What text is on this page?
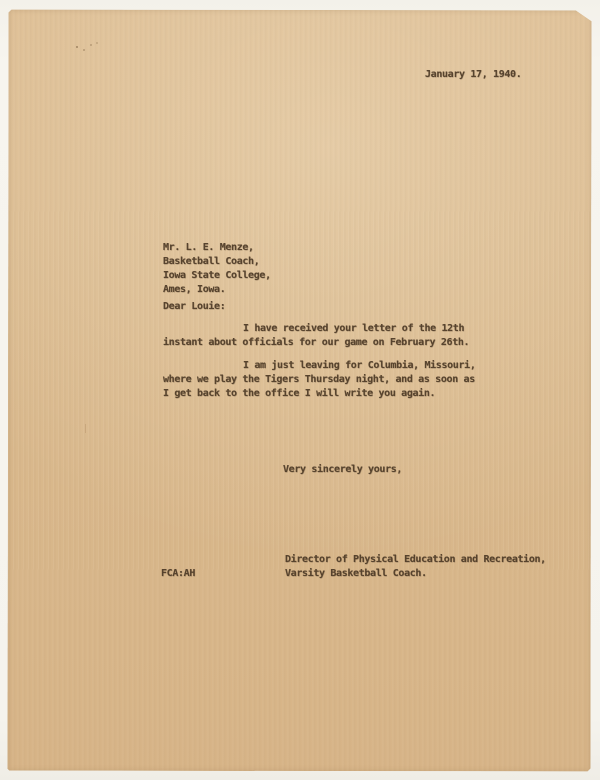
January 17, 1940.
Mr. L. E. Menze,
Basketball Coach,
Iowa State College,
Ames, Iowa.
Dear Louie:
I have received your letter of the 12th
instant about officials for our game on February 26th.
I am just leaving for Columbia, Missouri,
where we play the Tigers Thursday night, and as soon as
I get back to the office I will write you again.
Very sincerely yours,
Director of Physical Education and Recreation,
Varsity Basketball Coach.
FCA:AH
